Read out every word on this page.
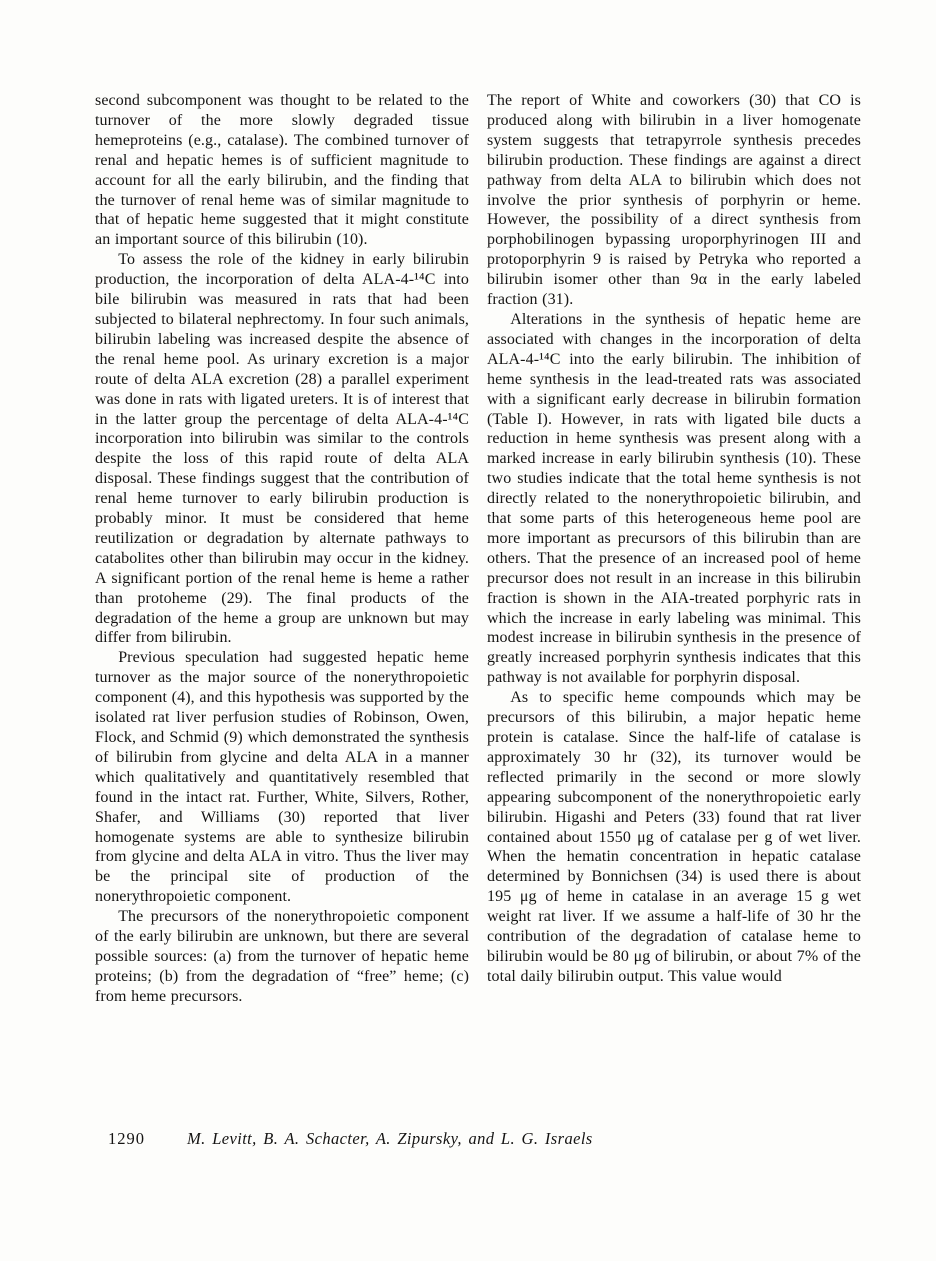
second subcomponent was thought to be related to the turnover of the more slowly degraded tissue hemeproteins (e.g., catalase). The combined turnover of renal and hepatic hemes is of sufficient magnitude to account for all the early bilirubin, and the finding that the turnover of renal heme was of similar magnitude to that of hepatic heme suggested that it might constitute an important source of this bilirubin (10).

To assess the role of the kidney in early bilirubin production, the incorporation of delta ALA-4-¹⁴C into bile bilirubin was measured in rats that had been subjected to bilateral nephrectomy. In four such animals, bilirubin labeling was increased despite the absence of the renal heme pool. As urinary excretion is a major route of delta ALA excretion (28) a parallel experiment was done in rats with ligated ureters. It is of interest that in the latter group the percentage of delta ALA-4-¹⁴C incorporation into bilirubin was similar to the controls despite the loss of this rapid route of delta ALA disposal. These findings suggest that the contribution of renal heme turnover to early bilirubin production is probably minor. It must be considered that heme reutilization or degradation by alternate pathways to catabolites other than bilirubin may occur in the kidney. A significant portion of the renal heme is heme a rather than protoheme (29). The final products of the degradation of the heme a group are unknown but may differ from bilirubin.

Previous speculation had suggested hepatic heme turnover as the major source of the nonerythropoietic component (4), and this hypothesis was supported by the isolated rat liver perfusion studies of Robinson, Owen, Flock, and Schmid (9) which demonstrated the synthesis of bilirubin from glycine and delta ALA in a manner which qualitatively and quantitatively resembled that found in the intact rat. Further, White, Silvers, Rother, Shafer, and Williams (30) reported that liver homogenate systems are able to synthesize bilirubin from glycine and delta ALA in vitro. Thus the liver may be the principal site of production of the nonerythropoietic component.

The precursors of the nonerythropoietic component of the early bilirubin are unknown, but there are several possible sources: (a) from the turnover of hepatic heme proteins; (b) from the degradation of “free” heme; (c) from heme precursors.

The report of White and coworkers (30) that CO is produced along with bilirubin in a liver homogenate system suggests that tetrapyrrole synthesis precedes bilirubin production. These findings are against a direct pathway from delta ALA to bilirubin which does not involve the prior synthesis of porphyrin or heme. However, the possibility of a direct synthesis from porphobilinogen bypassing uroporphyrinogen III and protoporphyrin 9 is raised by Petryka who reported a bilirubin isomer other than 9α in the early labeled fraction (31).

Alterations in the synthesis of hepatic heme are associated with changes in the incorporation of delta ALA-4-¹⁴C into the early bilirubin. The inhibition of heme synthesis in the lead-treated rats was associated with a significant early decrease in bilirubin formation (Table I). However, in rats with ligated bile ducts a reduction in heme synthesis was present along with a marked increase in early bilirubin synthesis (10). These two studies indicate that the total heme synthesis is not directly related to the nonerythropoietic bilirubin, and that some parts of this heterogeneous heme pool are more important as precursors of this bilirubin than are others. That the presence of an increased pool of heme precursor does not result in an increase in this bilirubin fraction is shown in the AIA-treated porphyric rats in which the increase in early labeling was minimal. This modest increase in bilirubin synthesis in the presence of greatly increased porphyrin synthesis indicates that this pathway is not available for porphyrin disposal.

As to specific heme compounds which may be precursors of this bilirubin, a major hepatic heme protein is catalase. Since the half-life of catalase is approximately 30 hr (32), its turnover would be reflected primarily in the second or more slowly appearing subcomponent of the nonerythropoietic early bilirubin. Higashi and Peters (33) found that rat liver contained about 1550 μg of catalase per g of wet liver. When the hematin concentration in hepatic catalase determined by Bonnichsen (34) is used there is about 195 μg of heme in catalase in an average 15 g wet weight rat liver. If we assume a half-life of 30 hr the contribution of the degradation of catalase heme to bilirubin would be 80 μg of bilirubin, or about 7% of the total daily bilirubin output. This value would

1290	M. Levitt, B. A. Schacter, A. Zipursky, and L. G. Israels
